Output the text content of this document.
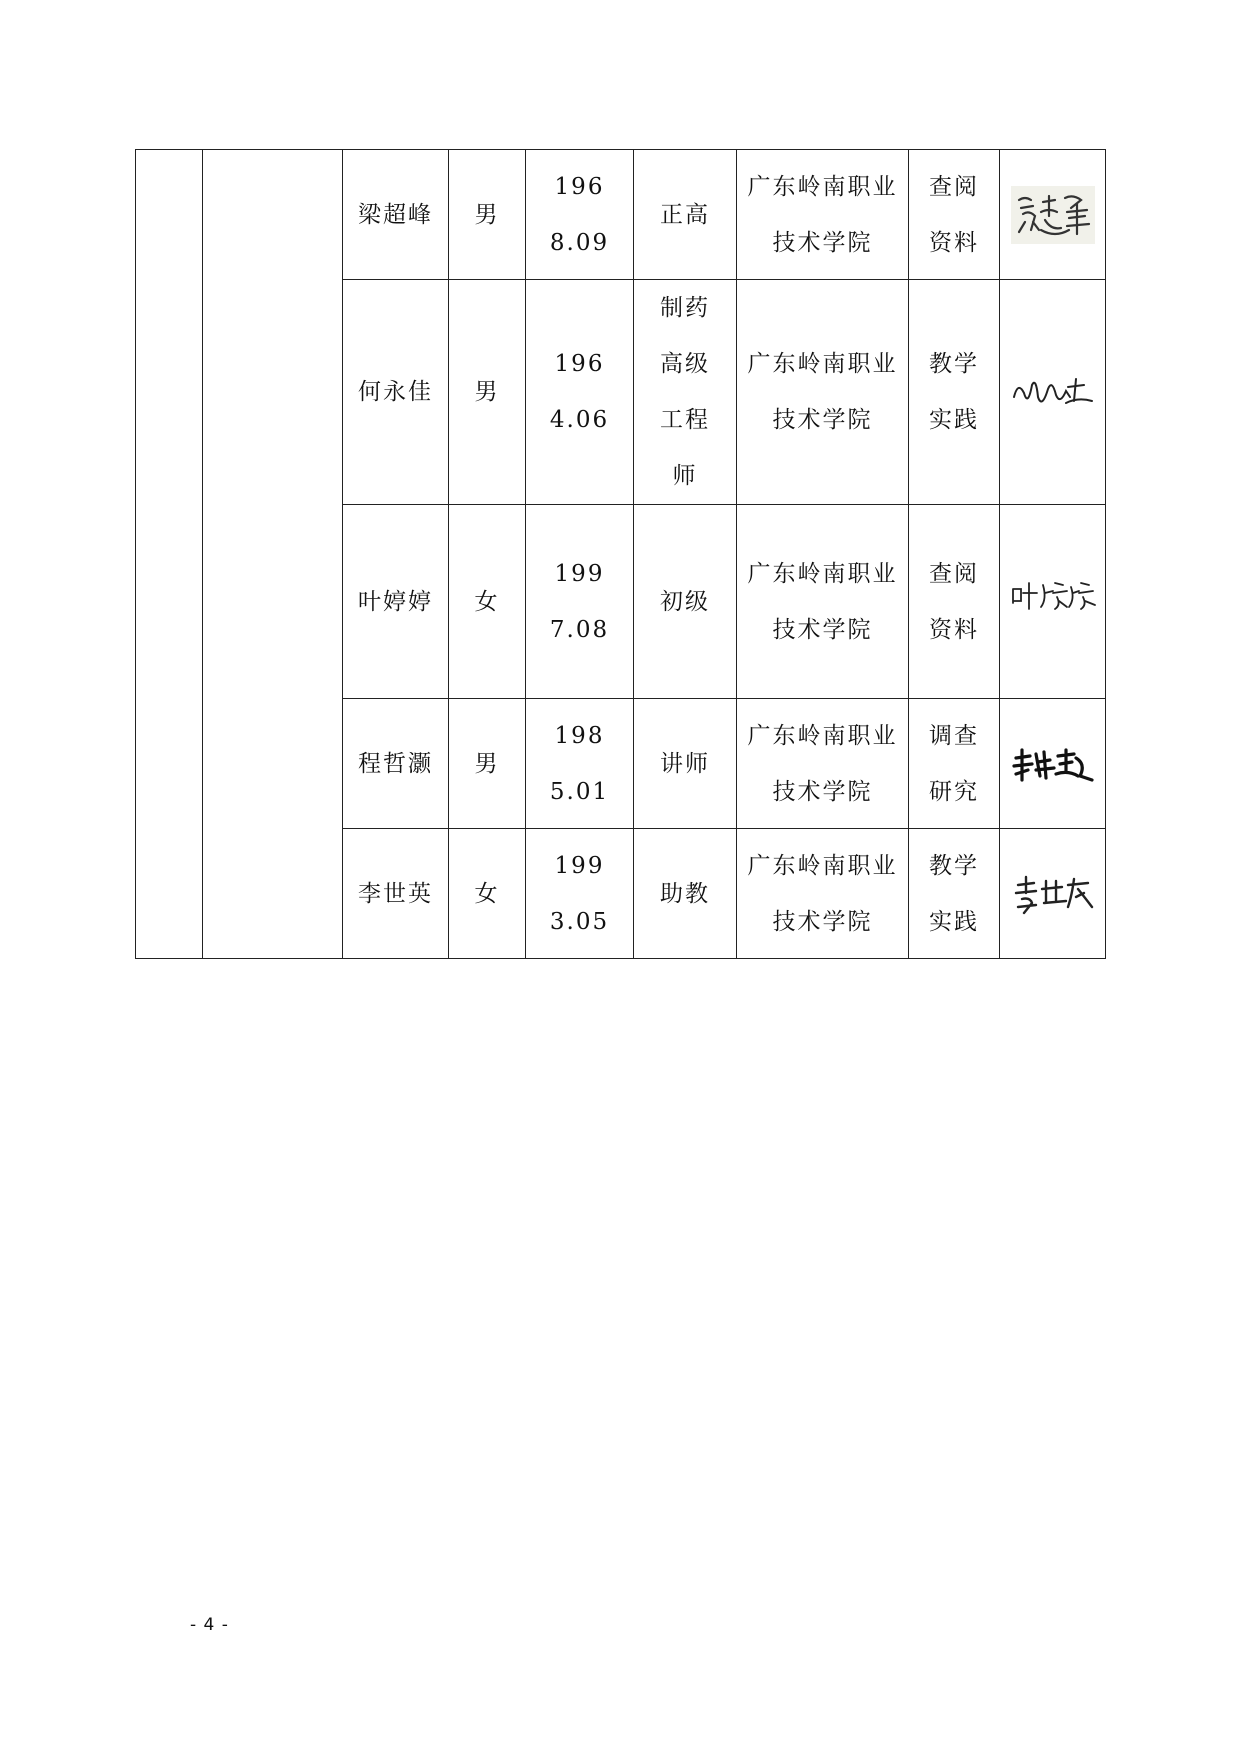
		梁超峰	男	1968.09	正高	广东岭南职业技术学院	查阅资料

		何永佳	男	1964.06	制药高级工程师	广东岭南职业技术学院	教学实践

		叶婷婷	女	1997.08	初级	广东岭南职业技术学院	查阅资料

		程哲灏	男	1985.01	讲师	广东岭南职业技术学院	调查研究

		李世英	女	1993.05	助教	广东岭南职业技术学院	教学实践

- 4 -
